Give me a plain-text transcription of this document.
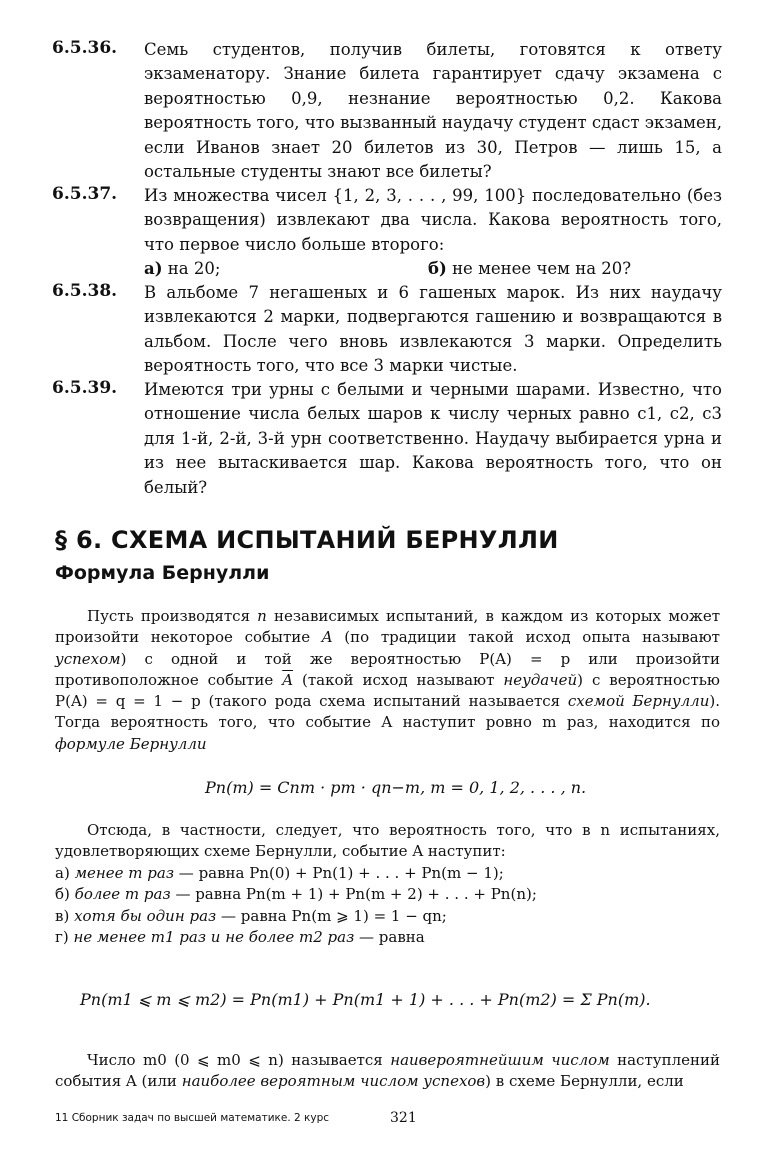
6.5.36. Семь студентов, получив билеты, готовятся к ответу экзаменатору. Знание билета гарантирует сдачу экзамена с вероятностью 0,9, незнание вероятностью 0,2. Какова вероятность того, что вызванный наудачу студент сдаст экзамен, если Иванов знает 20 билетов из 30, Петров — лишь 15, а остальные студенты знают все билеты?

6.5.37. Из множества чисел {1, 2, 3, . . . , 99, 100} последовательно (без возвращения) извлекают два числа. Какова вероятность того, что первое число больше второго:

а) на 20;	б) не менее чем на 20?
6.5.38. В альбоме 7 негашеных и 6 гашеных марок. Из них наудачу извлекаются 2 марки, подвергаются гашению и возвращаются в альбом. После чего вновь извлекаются 3 марки. Определить вероятность того, что все 3 марки чистые.

6.5.39. Имеются три урны с белыми и черными шарами. Известно, что отношение числа белых шаров к числу черных равно c1, c2, c3 для 1-й, 2-й, 3-й урн соответственно. Наудачу выбирается урна и из нее вытаскивается шар. Какова вероятность того, что он белый?

§ 6. СХЕМА ИСПЫТАНИЙ БЕРНУЛЛИ
Формула Бернулли

Пусть производятся n независимых испытаний, в каждом из которых может произойти некоторое событие A (по традиции такой исход опыта называют успехом) с одной и той же вероятностью P(A) = p или произойти противоположное событие $\overline{A}$ (такой исход называют неудачей) с вероятностью P(A) = q = 1 − p (такого рода схема испытаний называется схемой Бернулли). Тогда вероятность того, что событие A наступит ровно m раз, находится по формуле Бернулли

Pn(m) = Cnm · pm · qn−m, m = 0, 1, 2, . . . , n.

Отсюда, в частности, следует, что вероятность того, что в n испытаниях, удовлетворяющих схеме Бернулли, событие A наступит:

а) менее m раз — равна Pn(0) + Pn(1) + . . . + Pn(m − 1);

б) более m раз — равна Pn(m + 1) + Pn(m + 2) + . . . + Pn(n);

в) хотя бы один раз — равна Pn(m ⩾ 1) = 1 − qn;

г) не менее m1 раз и не более m2 раз — равна

Pn(m1 ⩽ m ⩽ m2) = Pn(m1) + Pn(m1 + 1) + . . . + Pn(m2) = Σ Pn(m).

Число m0 (0 ⩽ m0 ⩽ n) называется наивероятнейшим числом наступлений события A (или наиболее вероятным числом успехов) в схеме Бернулли, если

11 Сборник задач по высшей математике. 2 курс	321
